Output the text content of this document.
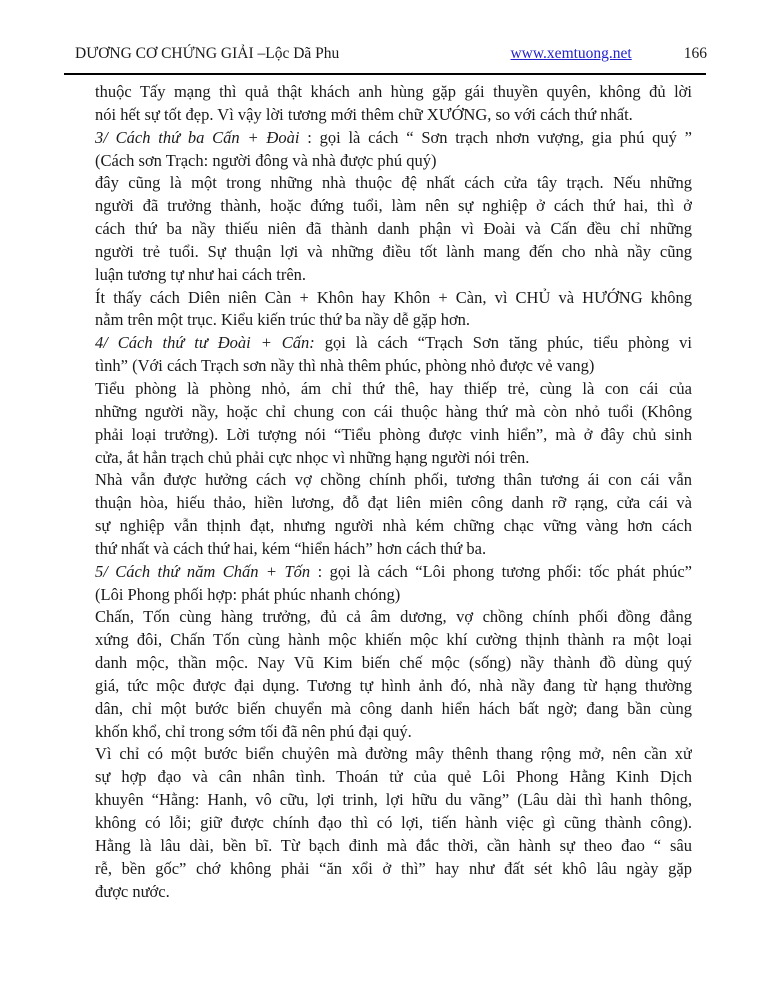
DƯƠNG CƠ CHỨNG GIẢI –Lộc Dã Phu	www.xemtuong.net	166
thuộc Tấy mạng thì quả thật khách anh hùng gặp gái thuyền quyên, không đủ lời
nói hết sự tốt đẹp. Vì vậy lời tương mới thêm chữ XƯỚNG, so với cách thứ nhất.
3/ Cách thứ ba Cấn + Đoài : gọi là cách “ Sơn trạch nhơn vượng, gia phú quý ”
(Cách sơn Trạch: người đông và nhà được phú quý)
đây cũng là một trong những nhà thuộc đệ nhất cách cửa tây trạch. Nếu những
người đã trưởng thành, hoặc đứng tuổi, làm nên sự nghiệp ở cách thứ hai, thì ở
cách thứ ba nầy thiếu niên đã thành danh phận vì Đoài và Cấn đều chỉ những
người trẻ tuổi. Sự thuận lợi và những điều tốt lành mang đến cho nhà nầy cũng
luận tương tự như hai cách trên.
Ít thấy cách Diên niên Càn + Khôn hay Khôn + Càn, vì CHỦ và HƯỚNG không
nằm trên một trục. Kiểu kiến trúc thứ ba nầy dễ gặp hơn.
4/ Cách thứ tư Đoài + Cấn: gọi là cách “Trạch Sơn tăng phúc, tiểu phòng vi
tình” (Với cách Trạch sơn nầy thì nhà thêm phúc, phòng nhỏ được vẻ vang)
Tiểu phòng là phòng nhỏ, ám chỉ thứ thê, hay thiếp trẻ, cùng là con cái của
những người nầy, hoặc chỉ chung con cái thuộc hàng thứ mà còn nhỏ tuổi (Không
phải loại trưởng). Lời tượng nói “Tiểu phòng được vinh hiển”, mà ở đây chủ sinh
cửa, ắt hẳn trạch chủ phải cực nhọc vì những hạng người nói trên.
Nhà vẫn được hưởng cách vợ chồng chính phối, tương thân tương ái con cái vẫn
thuận hòa, hiếu thảo, hiền lương, đỗ đạt liên miên công danh rỡ rạng, cửa cái và
sự nghiệp vẫn thịnh đạt, nhưng người nhà kém chững chạc vững vàng hơn cách
thứ nhất và cách thứ hai, kém “hiển hách” hơn cách thứ ba.
5/ Cách thứ năm Chấn + Tốn : gọi là cách “Lôi phong tương phối: tốc phát phúc”
(Lôi Phong phối hợp: phát phúc nhanh chóng)
Chấn, Tốn cùng hàng trưởng, đủ cả âm dương, vợ chồng chính phối đồng đẳng
xứng đôi, Chấn Tốn cùng hành mộc khiến mộc khí cường thịnh thành ra một loại
danh mộc, thần mộc. Nay Vũ Kim biến chế mộc (sống) nầy thành đồ dùng quý
giá, tức mộc được đại dụng. Tương tự hình ảnh đó, nhà nầy đang từ hạng thường
dân, chỉ một bước biến chuyển mà công danh hiển hách bất ngờ; đang bần cùng
khốn khổ, chỉ trong sớm tối đã nên phú đại quý.
Vì chỉ có một bước biển chuỷên mà đường mây thênh thang rộng mở, nên cần xử
sự hợp đạo và cân nhân tình. Thoán tử của quẻ Lôi Phong Hằng Kinh Dịch
khuyên “Hằng: Hanh, vô cữu, lợi trinh, lợi hữu du vãng” (Lâu dài thì hanh thông,
không có lỗi; giữ được chính đạo thì có lợi, tiến hành việc gì cũng thành công).
Hằng là lâu dài, bền bĩ. Từ bạch đinh mà đắc thời, cần hành sự theo đao “ sâu
rễ, bền gốc” chớ không phải “ăn xổi ở thì” hay như đất sét khô lâu ngày gặp
được nước.
